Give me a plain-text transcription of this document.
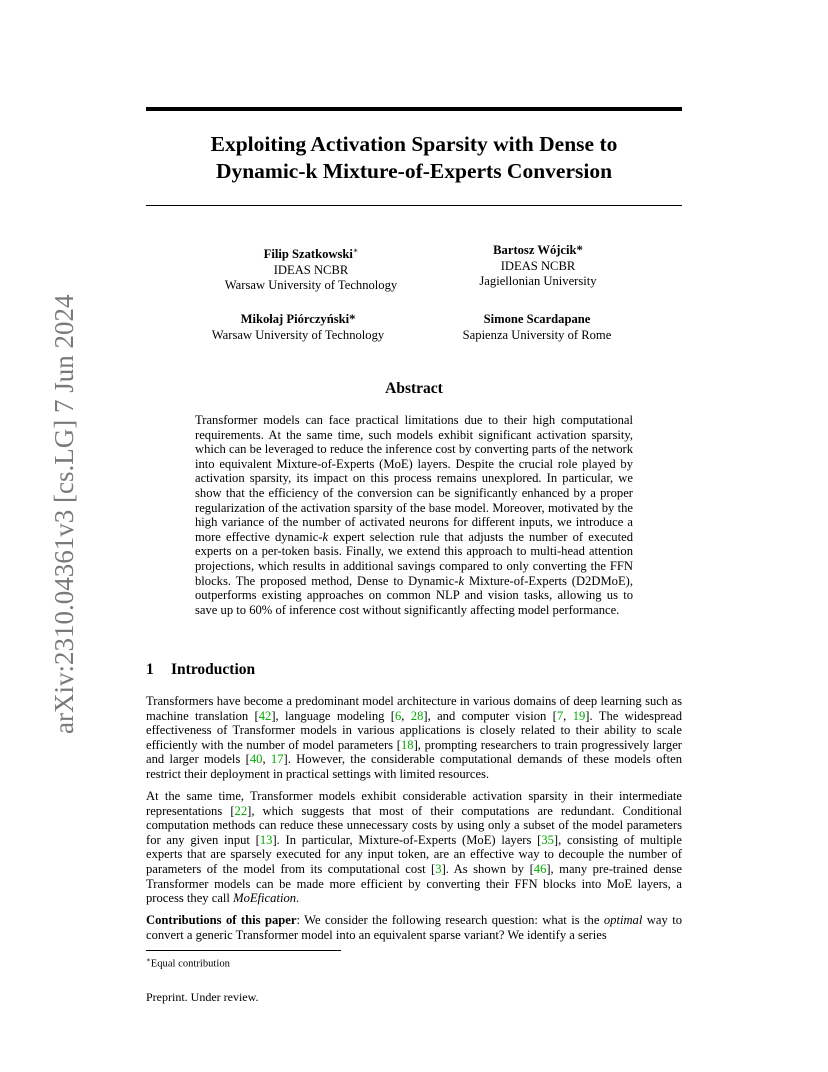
Exploiting Activation Sparsity with Dense to
Dynamic-k Mixture-of-Experts Conversion
arXiv:2310.04361v3 [cs.LG] 7 Jun 2024
Filip Szatkowski∗
IDEAS NCBR
Warsaw University of Technology
Bartosz Wójcik*
IDEAS NCBR
Jagiellonian University
Mikołaj Piórczyński*
Warsaw University of Technology
Simone Scardapane
Sapienza University of Rome
Abstract
Transformer models can face practical limitations due to their high computational requirements. At the same time, such models exhibit significant activation sparsity, which can be leveraged to reduce the inference cost by converting parts of the network into equivalent Mixture-of-Experts (MoE) layers. Despite the crucial role played by activation sparsity, its impact on this process remains unexplored. In particular, we show that the efficiency of the conversion can be significantly enhanced by a proper regularization of the activation sparsity of the base model. Moreover, motivated by the high variance of the number of activated neurons for different inputs, we introduce a more effective dynamic-k expert selection rule that adjusts the number of executed experts on a per-token basis. Finally, we extend this approach to multi-head attention projections, which results in additional savings compared to only converting the FFN blocks. The proposed method, Dense to Dynamic-k Mixture-of-Experts (D2DMoE), outperforms existing approaches on common NLP and vision tasks, allowing us to save up to 60% of inference cost without significantly affecting model performance.
1 Introduction
Transformers have become a predominant model architecture in various domains of deep learning such as machine translation [42], language modeling [6, 28], and computer vision [7, 19]. The widespread effectiveness of Transformer models in various applications is closely related to their ability to scale efficiently with the number of model parameters [18], prompting researchers to train progressively larger and larger models [40, 17]. However, the considerable computational demands of these models often restrict their deployment in practical settings with limited resources.
At the same time, Transformer models exhibit considerable activation sparsity in their intermediate representations [22], which suggests that most of their computations are redundant. Conditional computation methods can reduce these unnecessary costs by using only a subset of the model parameters for any given input [13]. In particular, Mixture-of-Experts (MoE) layers [35], consisting of multiple experts that are sparsely executed for any input token, are an effective way to decouple the number of parameters of the model from its computational cost [3]. As shown by [46], many pre-trained dense Transformer models can be made more efficient by converting their FFN blocks into MoE layers, a process they call MoEfication.
Contributions of this paper: We consider the following research question: what is the optimal way to convert a generic Transformer model into an equivalent sparse variant? We identify a series
∗Equal contribution
Preprint. Under review.
